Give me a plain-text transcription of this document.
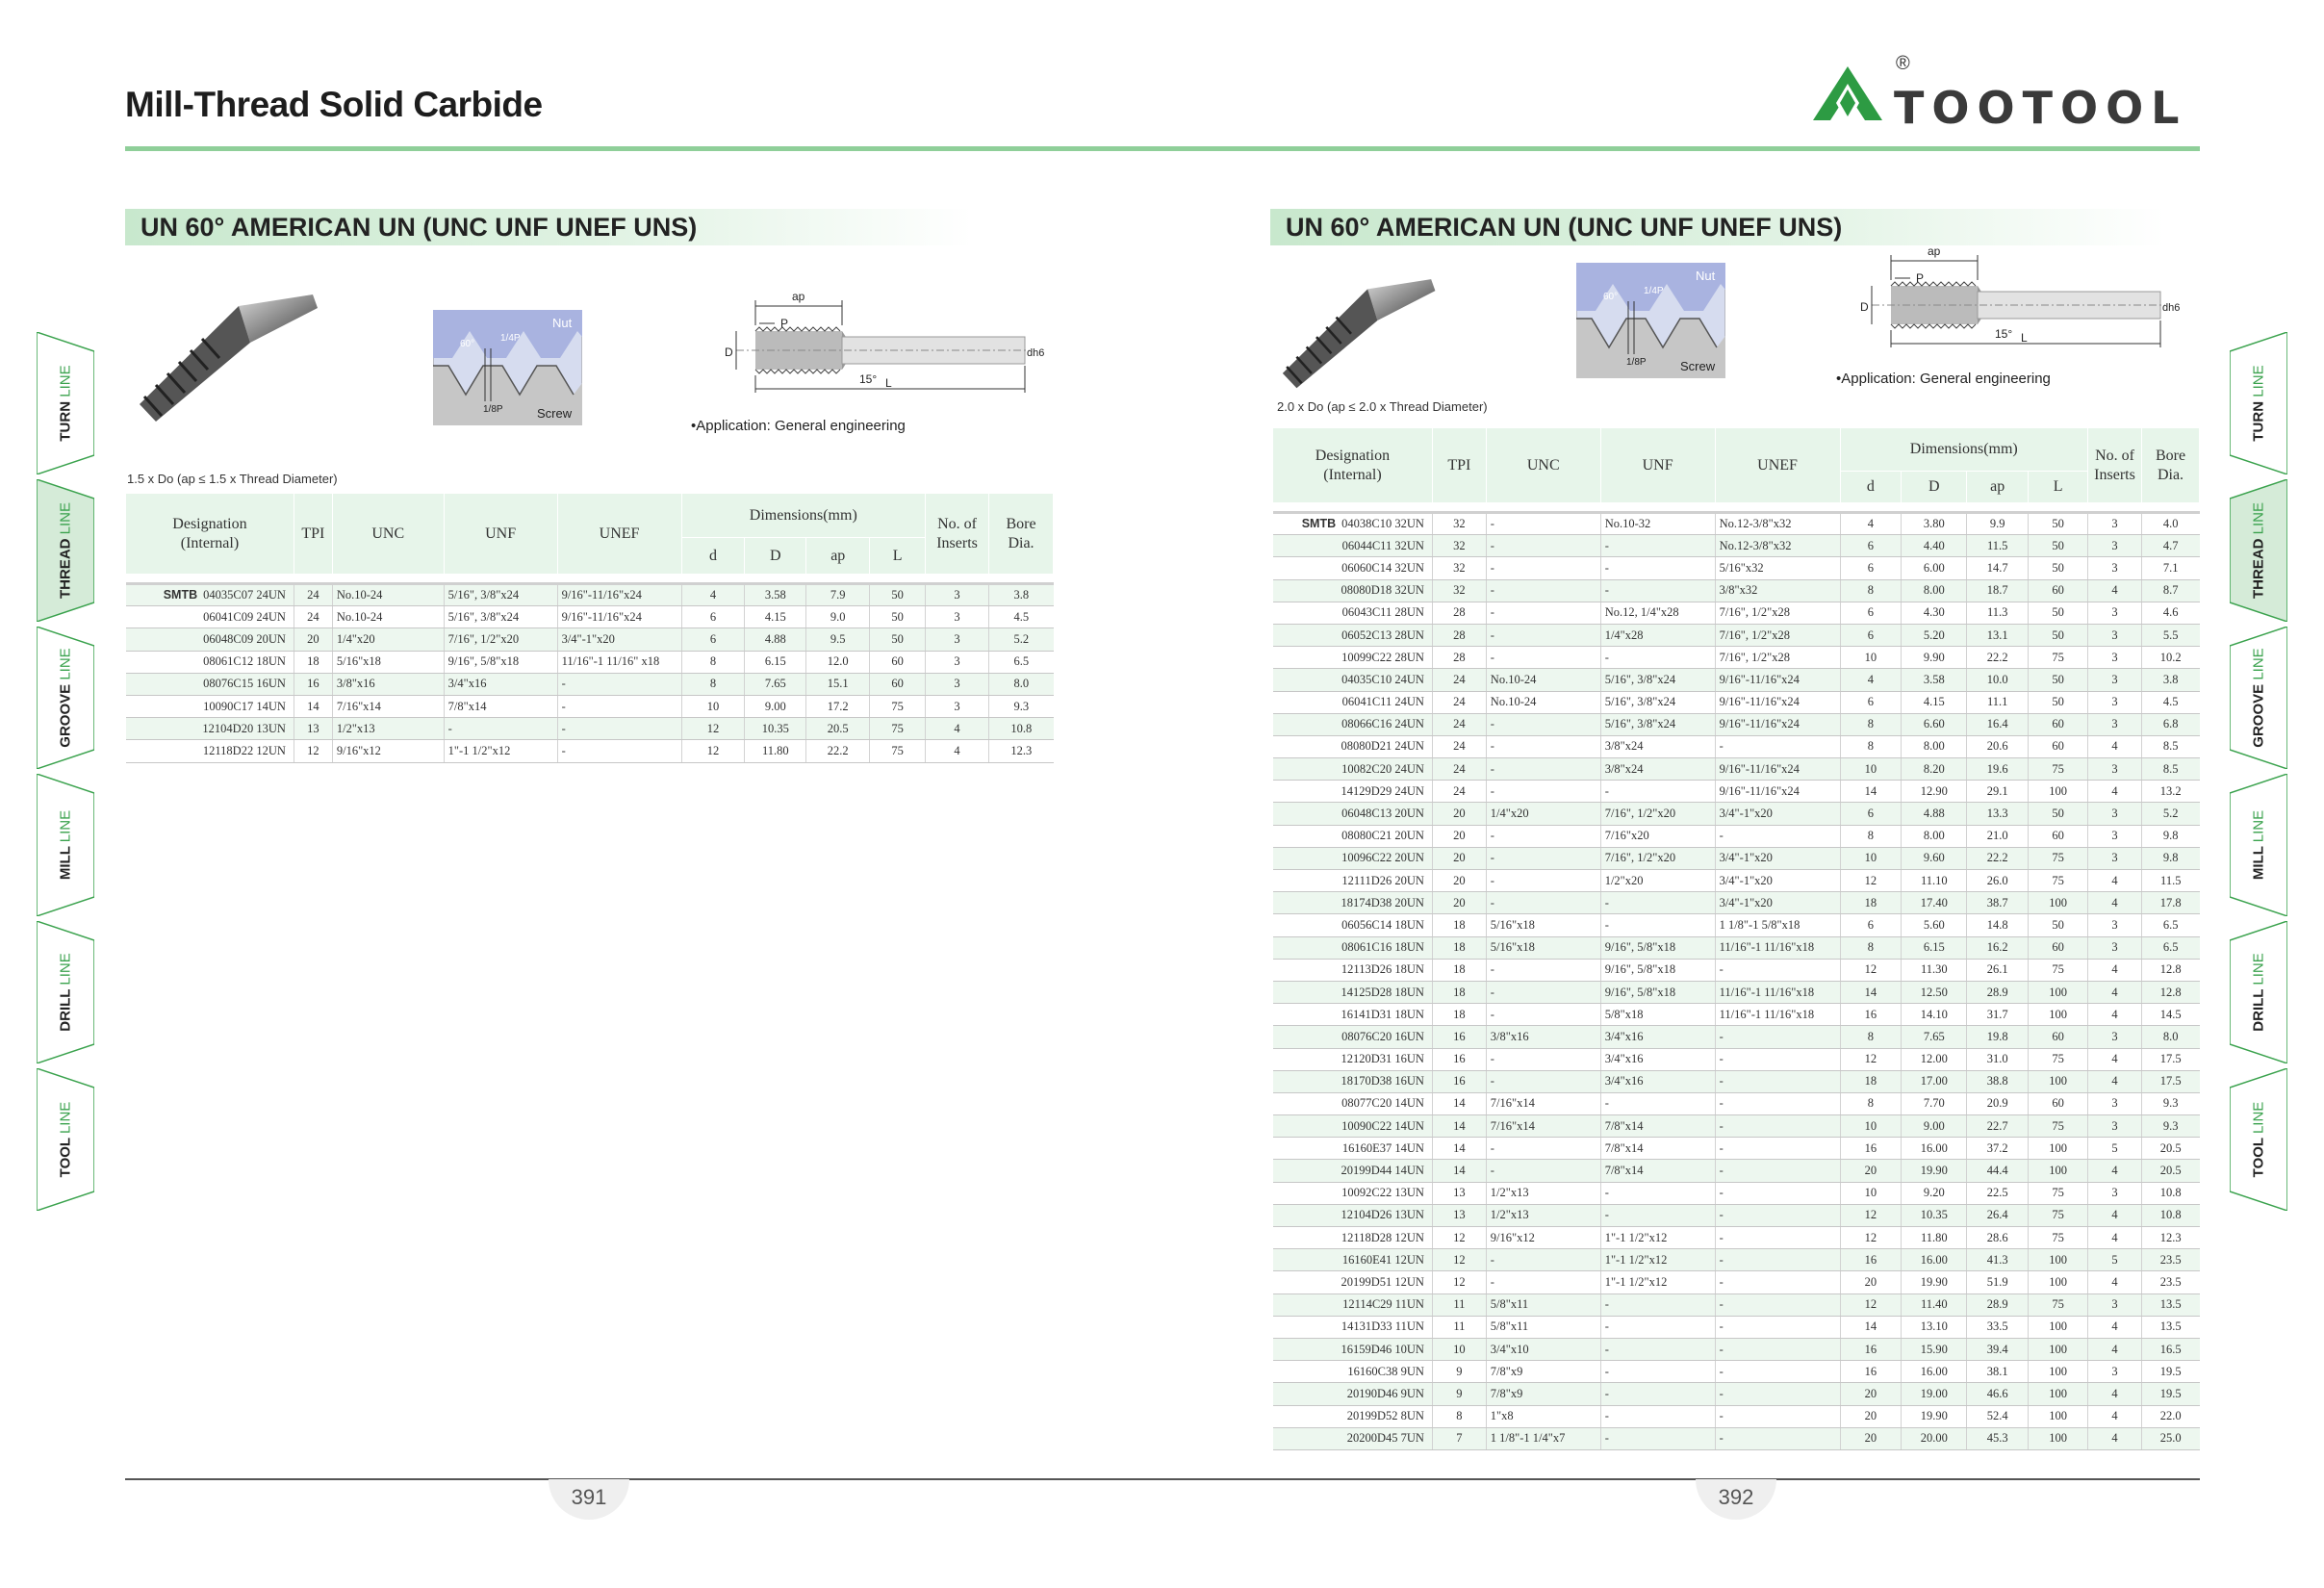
Mill-Thread Solid Carbide
®
TOOTOOL
UN 60° AMERICAN UN (UNC UNF UNEF UNS)	UN 60° AMERICAN UN (UNC UNF UNEF UNS)
Nut
60°
1/4P
1/8P	Screw
ap
P
D	dh6
15° L
•Application: General engineering
1.5 x Do (ap ≤ 1.5 x Thread Diameter)
Nut
60°
1/4P
1/8P	Screw
ap
P
D	dh6
15° L
•Application: General engineering
2.0 x Do (ap ≤ 2.0 x Thread Diameter)
Designation
(Internal)	TPI	UNC	UNF	UNEF	Dimensions(mm)				No. of
Inserts	Bore
Dia.
					d	D	ap	L		

SMTB 04035C07 24UN	24	No.10-24	5/16", 3/8"x24	9/16"-11/16"x24	4	3.58	7.9	50	3	3.8
06041C09 24UN	24	No.10-24	5/16", 3/8"x24	9/16"-11/16"x24	6	4.15	9.0	50	3	4.5
06048C09 20UN	20	1/4"x20	7/16", 1/2"x20	3/4"-1"x20	6	4.88	9.5	50	3	5.2
08061C12 18UN	18	5/16"x18	9/16", 5/8"x18	11/16"-1 11/16" x18	8	6.15	12.0	60	3	6.5
08076C15 16UN	16	3/8"x16	3/4"x16	-	8	7.65	15.1	60	3	8.0
10090C17 14UN	14	7/16"x14	7/8"x14	-	10	9.00	17.2	75	3	9.3
12104D20 13UN	13	1/2"x13	-	-	12	10.35	20.5	75	4	10.8
12118D22 12UN	12	9/16"x12	1"-1 1/2"x12	-	12	11.80	22.2	75	4	12.3
Designation
(Internal)	TPI	UNC	UNF	UNEF	Dimensions(mm)				No. of
Inserts	Bore
Dia.
					d	D	ap	L		

SMTB 04038C10 32UN	32	-	No.10-32	No.12-3/8"x32	4	3.80	9.9	50	3	4.0
06044C11 32UN	32	-	-	No.12-3/8"x32	6	4.40	11.5	50	3	4.7
06060C14 32UN	32	-	-	5/16"x32	6	6.00	14.7	50	3	7.1
08080D18 32UN	32	-	-	3/8"x32	8	8.00	18.7	60	4	8.7
06043C11 28UN	28	-	No.12, 1/4"x28	7/16", 1/2"x28	6	4.30	11.3	50	3	4.6
06052C13 28UN	28	-	1/4"x28	7/16", 1/2"x28	6	5.20	13.1	50	3	5.5
10099C22 28UN	28	-	-	7/16", 1/2"x28	10	9.90	22.2	75	3	10.2
04035C10 24UN	24	No.10-24	5/16", 3/8"x24	9/16"-11/16"x24	4	3.58	10.0	50	3	3.8
06041C11 24UN	24	No.10-24	5/16", 3/8"x24	9/16"-11/16"x24	6	4.15	11.1	50	3	4.5
08066C16 24UN	24	-	5/16", 3/8"x24	9/16"-11/16"x24	8	6.60	16.4	60	3	6.8
08080D21 24UN	24	-	3/8"x24	-	8	8.00	20.6	60	4	8.5
10082C20 24UN	24	-	3/8"x24	9/16"-11/16"x24	10	8.20	19.6	75	3	8.5
14129D29 24UN	24	-	-	9/16"-11/16"x24	14	12.90	29.1	100	4	13.2
06048C13 20UN	20	1/4"x20	7/16", 1/2"x20	3/4"-1"x20	6	4.88	13.3	50	3	5.2
08080C21 20UN	20	-	7/16"x20	-	8	8.00	21.0	60	3	9.8
10096C22 20UN	20	-	7/16", 1/2"x20	3/4"-1"x20	10	9.60	22.2	75	3	9.8
12111D26 20UN	20	-	1/2"x20	3/4"-1"x20	12	11.10	26.0	75	4	11.5
18174D38 20UN	20	-	-	3/4"-1"x20	18	17.40	38.7	100	4	17.8
06056C14 18UN	18	5/16"x18	-	1 1/8"-1 5/8"x18	6	5.60	14.8	50	3	6.5
08061C16 18UN	18	5/16"x18	9/16", 5/8"x18	11/16"-1 11/16"x18	8	6.15	16.2	60	3	6.5
12113D26 18UN	18	-	9/16", 5/8"x18	-	12	11.30	26.1	75	4	12.8
14125D28 18UN	18	-	9/16", 5/8"x18	11/16"-1 11/16"x18	14	12.50	28.9	100	4	12.8
16141D31 18UN	18	-	5/8"x18	11/16"-1 11/16"x18	16	14.10	31.7	100	4	14.5
08076C20 16UN	16	3/8"x16	3/4"x16	-	8	7.65	19.8	60	3	8.0
12120D31 16UN	16	-	3/4"x16	-	12	12.00	31.0	75	4	17.5
18170D38 16UN	16	-	3/4"x16	-	18	17.00	38.8	100	4	17.5
08077C20 14UN	14	7/16"x14	-	-	8	7.70	20.9	60	3	9.3
10090C22 14UN	14	7/16"x14	7/8"x14	-	10	9.00	22.7	75	3	9.3
16160E37 14UN	14	-	7/8"x14	-	16	16.00	37.2	100	5	20.5
20199D44 14UN	14	-	7/8"x14	-	20	19.90	44.4	100	4	20.5
10092C22 13UN	13	1/2"x13	-	-	10	9.20	22.5	75	3	10.8
12104D26 13UN	13	1/2"x13	-	-	12	10.35	26.4	75	4	10.8
12118D28 12UN	12	9/16"x12	1"-1 1/2"x12	-	12	11.80	28.6	75	4	12.3
16160E41 12UN	12	-	1"-1 1/2"x12	-	16	16.00	41.3	100	5	23.5
20199D51 12UN	12	-	1"-1 1/2"x12	-	20	19.90	51.9	100	4	23.5
12114C29 11UN	11	5/8"x11	-	-	12	11.40	28.9	75	3	13.5
14131D33 11UN	11	5/8"x11	-	-	14	13.10	33.5	100	4	13.5
16159D46 10UN	10	3/4"x10	-	-	16	15.90	39.4	100	4	16.5
16160C38 9UN	9	7/8"x9	-	-	16	16.00	38.1	100	3	19.5
20190D46 9UN	9	7/8"x9	-	-	20	19.00	46.6	100	4	19.5
20199D52 8UN	8	1"x8	-	-	20	19.90	52.4	100	4	22.0
20200D45 7UN	7	1 1/8"-1 1/4"x7	-	-	20	20.00	45.3	100	4	25.0
TURN LINE
THREAD LINE
GROOVE LINE
MILL LINE
DRILL LINE
TOOL LINE
TURN LINE
THREAD LINE
GROOVE LINE
MILL LINE
DRILL LINE
TOOL LINE
391	392
